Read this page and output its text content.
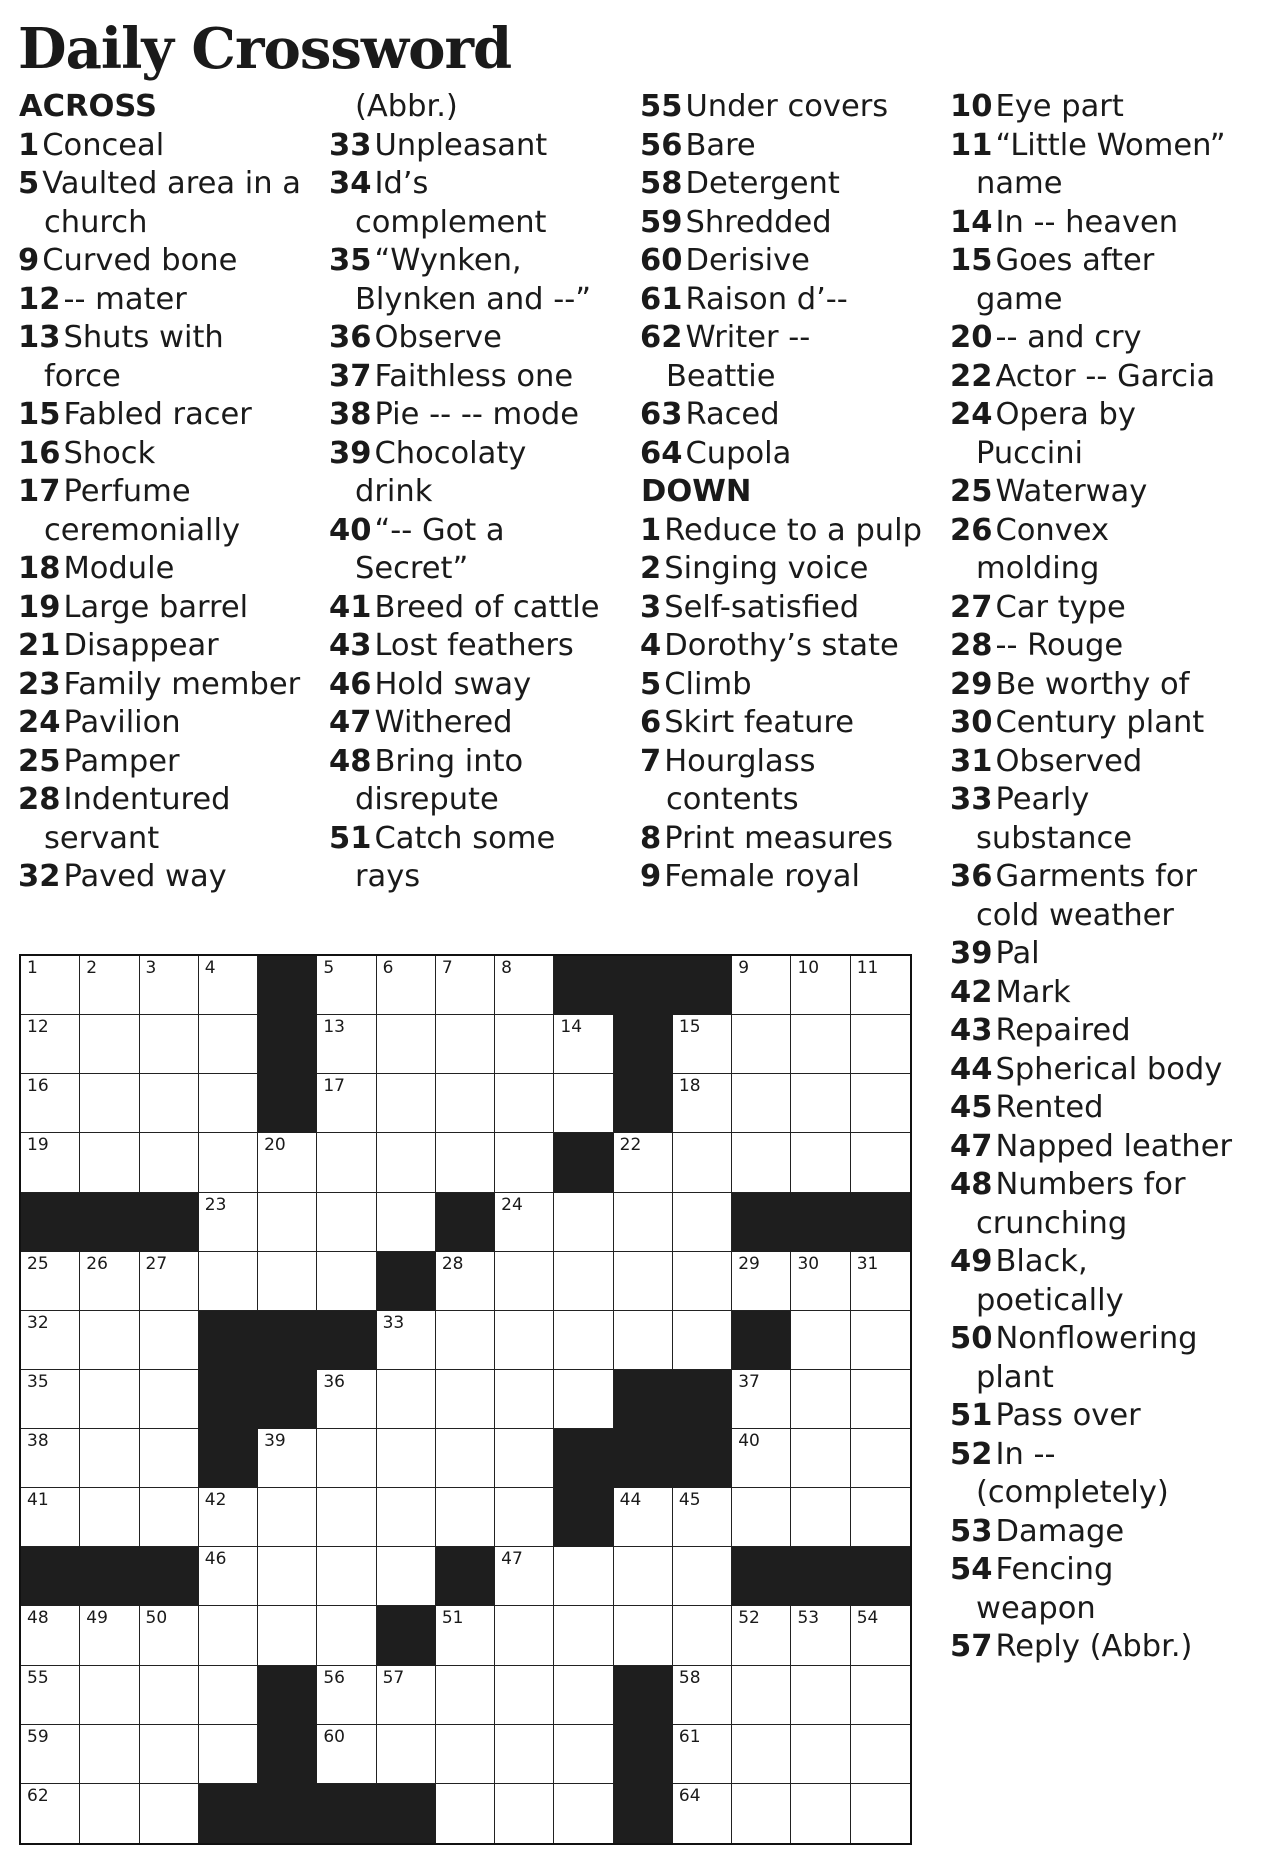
Daily Crossword
ACROSS
1Conceal
5Vaulted area in a
church
9Curved bone
12-- mater
13Shuts with
force
15Fabled racer
16Shock
17Perfume
ceremonially
18Module
19Large barrel
21Disappear
23Family member
24Pavilion
25Pamper
28Indentured
servant
32Paved way
(Abbr.)
33Unpleasant
34Id’s
complement
35“Wynken,
Blynken and --”
36Observe
37Faithless one
38Pie -- -- mode
39Chocolaty
drink
40“-- Got a
Secret”
41Breed of cattle
43Lost feathers
46Hold sway
47Withered
48Bring into
disrepute
51Catch some
rays
55Under covers
56Bare
58Detergent
59Shredded
60Derisive
61Raison d’--
62Writer --
Beattie
63Raced
64Cupola
DOWN
1Reduce to a pulp
2Singing voice
3Self-satisfied
4Dorothy’s state
5Climb
6Skirt feature
7Hourglass
contents
8Print measures
9Female royal
10Eye part
11“Little Women”
name
14In -- heaven
15Goes after
game
20-- and cry
22Actor -- Garcia
24Opera by
Puccini
25Waterway
26Convex
molding
27Car type
28-- Rouge
29Be worthy of
30Century plant
31Observed
33Pearly
substance
36Garments for
cold weather
39Pal
42Mark
43Repaired
44Spherical body
45Rented
47Napped leather
48Numbers for
crunching
49Black,
poetically
50Nonflowering
plant
51Pass over
52In --
(completely)
53Damage
54Fencing
weapon
57Reply (Abbr.)
1	2	3	4	5	6	7	8	9	10 11
12	13	14	15
16	17	18
19	20	22
23	24
25 26 27	28	29 30 31
32	33
35	36	37
38	39	40
41	42	44 45
46	47
48 49 50	51	52 53 54
55	56 57	58
59	60	61
62	64
